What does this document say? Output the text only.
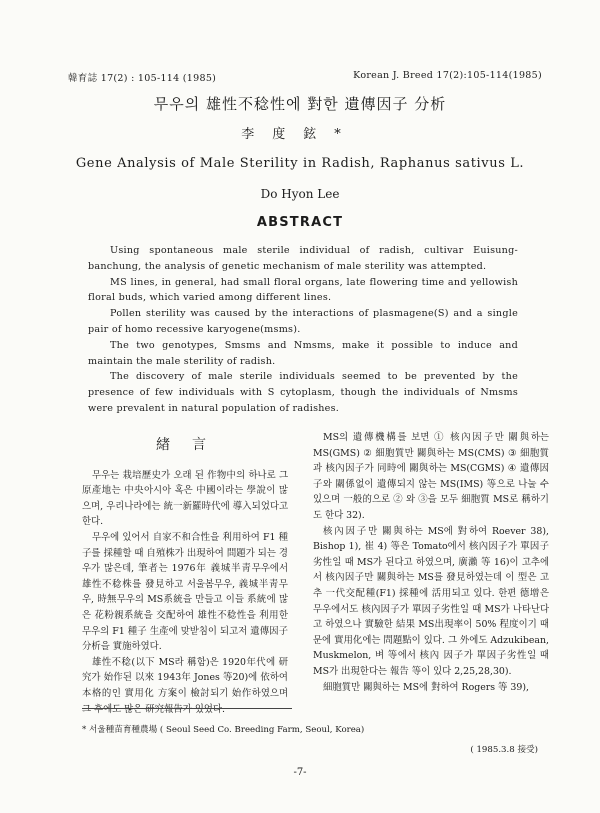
韓育誌 17(2) : 105-114 (1985)	Korean J. Breed 17(2):105-114(1985)
무우의 雄性不稔性에 對한 遺傳因子 分析
李度鉉*
Gene Analysis of Male Sterility in Radish, Raphanus sativus L.
Do Hyon Lee
ABSTRACT

Using spontaneous male sterile individual of radish, cultivar Euisung-banchung, the analysis of genetic mechanism of male sterility was attempted.

MS lines, in general, had small floral organs, late flowering time and yellowish floral buds, which varied among different lines.

Pollen sterility was caused by the interactions of plasmagene(S) and a single pair of homo recessive karyogene(msms).

The two genotypes, Smsms and Nmsms, make it possible to induce and maintain the male sterility of radish.

The discovery of male sterile individuals seemed to be prevented by the presence of few individuals with S cytoplasm, though the individuals of Nmsms were prevalent in natural population of radishes.

緖言

무우는 栽培歷史가 오래 된 作物中의 하나로 그 原產地는 中央아시아 혹은 中國이라는 學說이 많으며, 우리나라에는 統一新羅時代에 導入되었다고 한다.

무우에 있어서 自家不和合性을 利用하여 F1 種子를 採種할 때 自殖株가 出現하여 問題가 되는 경우가 많은데, 筆者는 1976年 義城半靑무우에서 雄性不稔株를 發見하고 서울봄무우, 義城半靑무우, 時無무우의 MS系統을 만들고 이들 系統에 많은 花粉親系統을 交配하여 雄性不稔性을 利用한 무우의 F1 種子 生產에 맞받침이 되고저 遺傳因子分析을 實施하였다.

雄性不稔(以下 MS라 稱함)은 1920年代에 研究가 始作된 以來 1943年 Jones 等20)에 依하여 本格的인 實用化 方案이 檢討되기 始作하였으며 그 후에도 많은 研究報告가 있었다.

MS의 遺傳機構를 보면 ① 核內因子만 關與하는 MS(GMS) ② 細胞質만 關與하는 MS(CMS) ③ 細胞質과 核內因子가 同時에 關與하는 MS(CGMS) ④ 遺傳因子와 關係없이 遺傳되지 않는 MS(IMS) 等으로 나눌 수 있으며 一般的으로 ② 와 ③을 모두 細胞質 MS로 稱하기도 한다 32).

核內因子만 關與하는 MS에 對하여 Roever 38), Bishop 1), 崔 4) 等은 Tomato에서 核內因子가 單因子劣性일 때 MS가 된다고 하였으며, 廣瀨 等 16)이 고추에서 核內因子만 關與하는 MS를 發見하였는데 이 型은 고추 一代交配種(F1) 採種에 活用되고 있다. 한편 德增은 무우에서도 核內因子가 單因子劣性일 때 MS가 나타난다고 하였으나 實驗한 結果 MS出現率이 50% 程度이기 때문에 實用化에는 問題點이 있다. 그 外에도 Adzukibean, Muskmelon, 벼 等에서 核內 因子가 單因子劣性일 때 MS가 出現한다는 報告 等이 있다 2,25,28,30).

細胞質만 關與하는 MS에 對하여 Rogers 等 39),

* 서울種苗育種農場 ( Seoul Seed Co. Breeding Farm, Seoul, Korea)
( 1985.3.8 接受)
-7-
